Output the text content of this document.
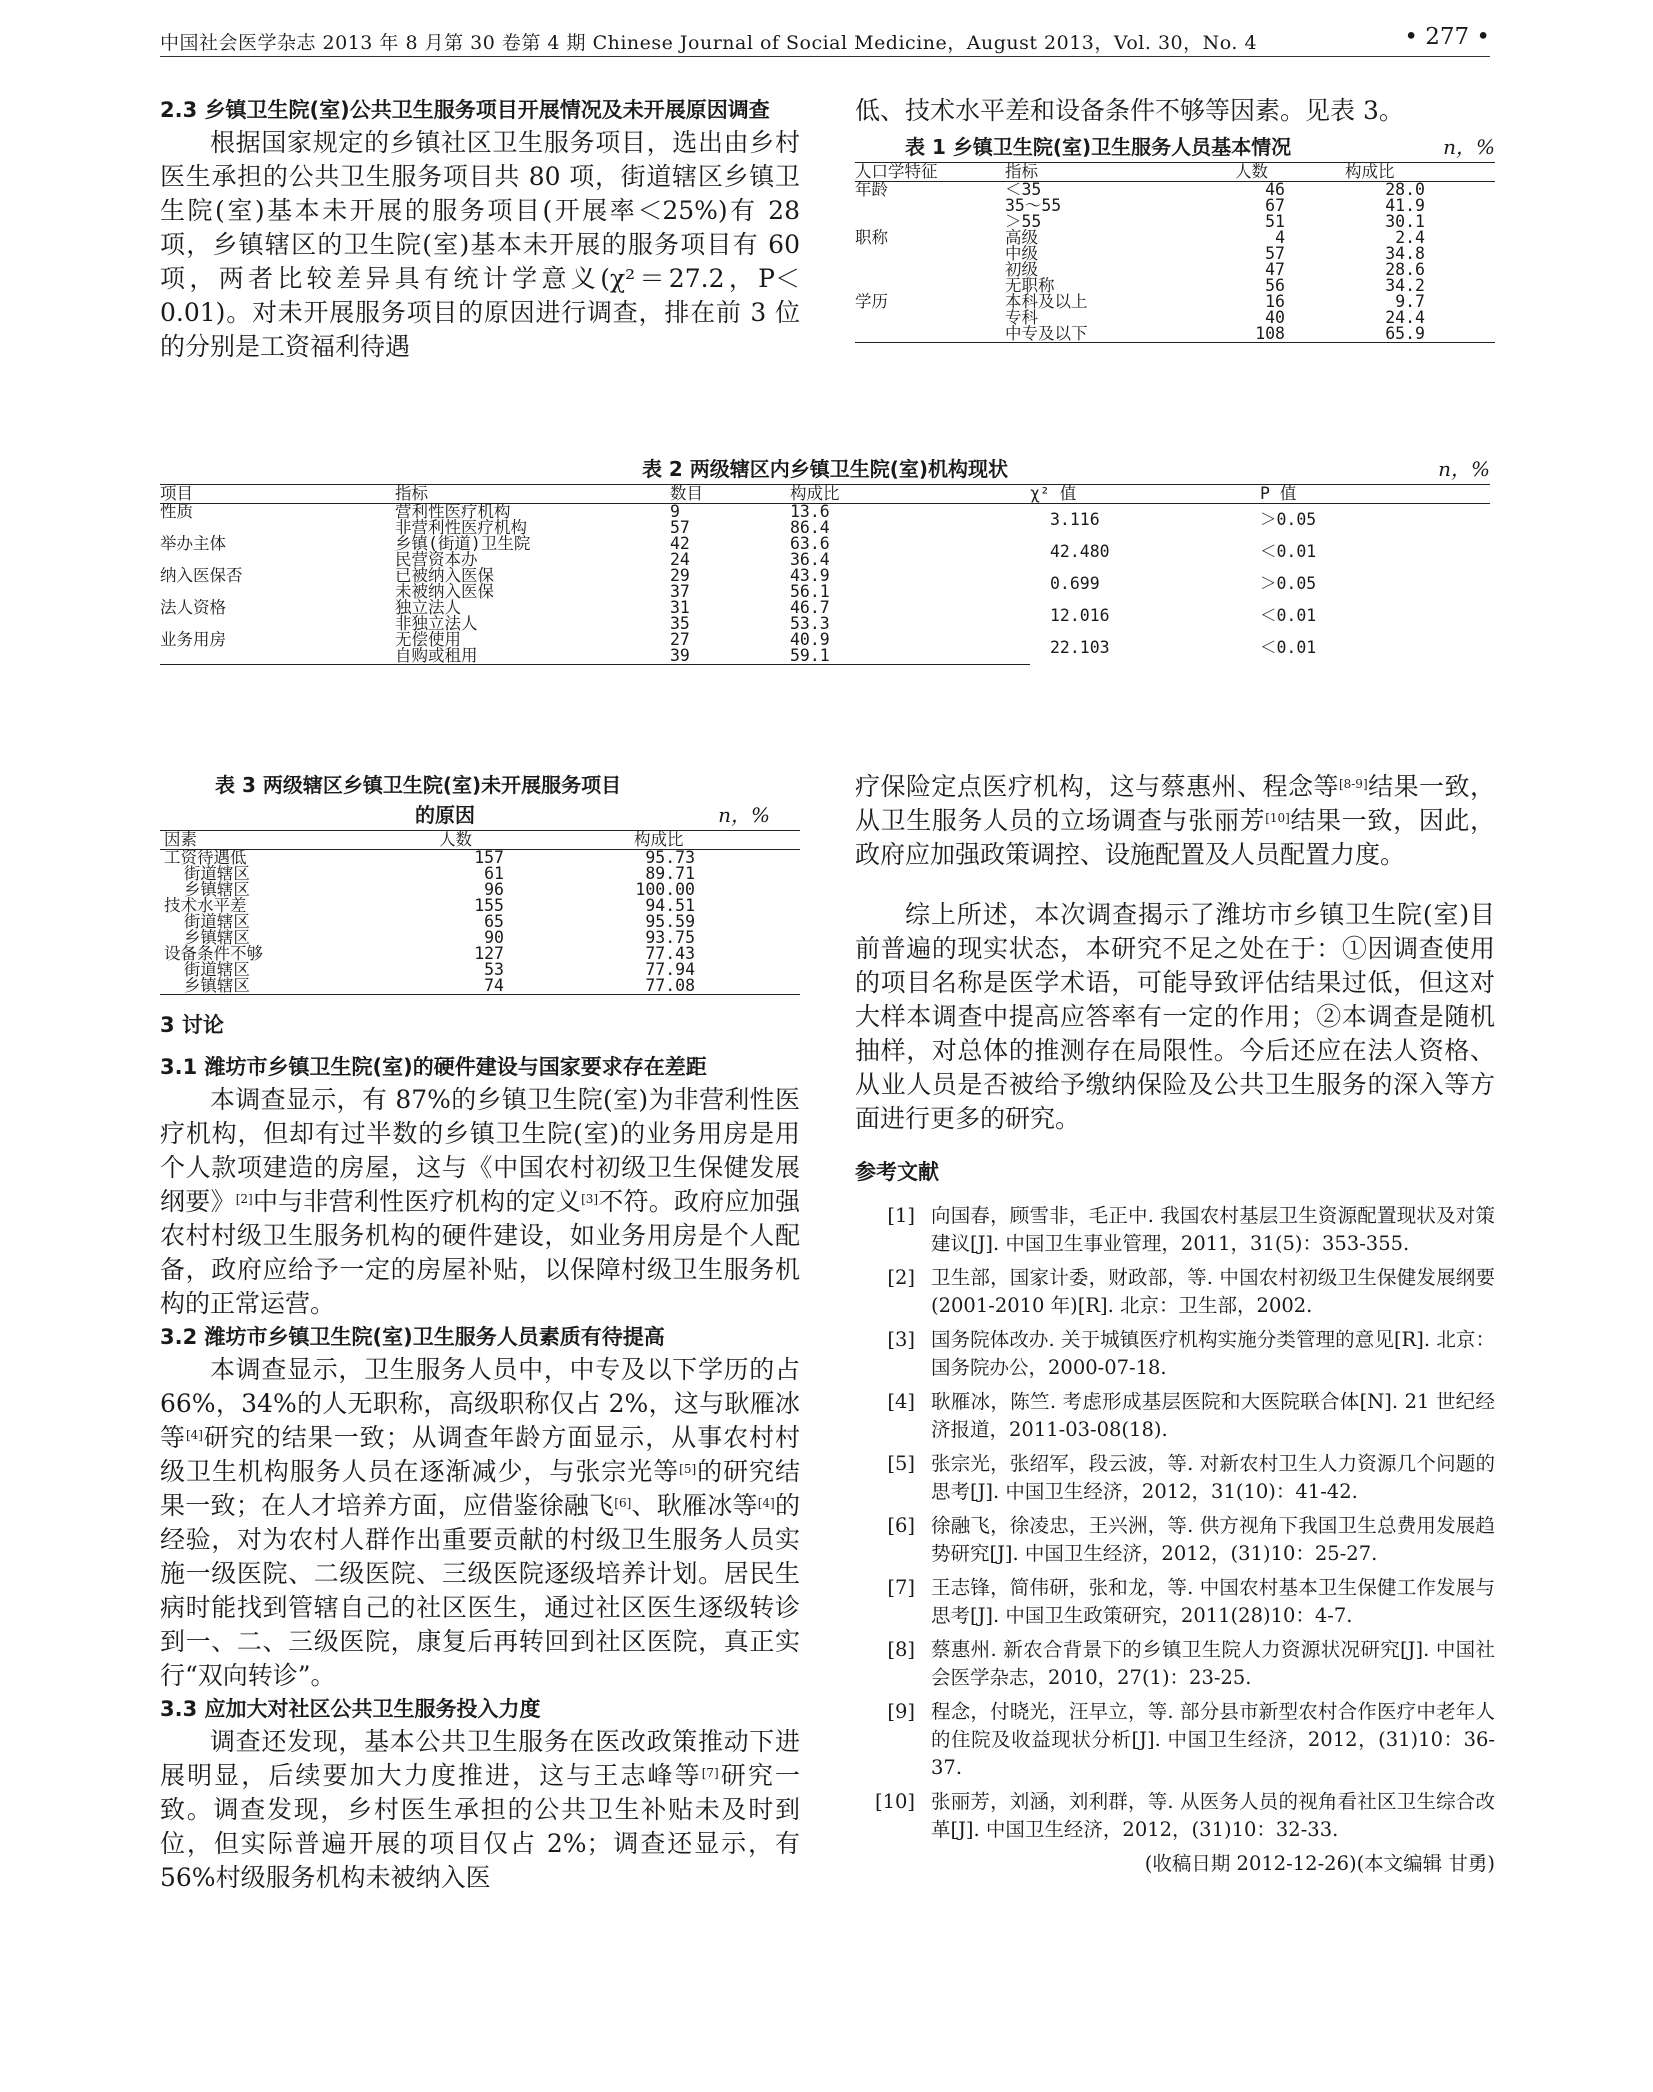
中国社会医学杂志 2013 年 8 月第 30 卷第 4 期 Chinese Journal of Social Medicine，August 2013，Vol. 30，No. 4	• 277 •

2.3 乡镇卫生院(室)公共卫生服务项目开展情况及未开展原因调查

根据国家规定的乡镇社区卫生服务项目，选出由乡村医生承担的公共卫生服务项目共 80 项，街道辖区乡镇卫生院(室)基本未开展的服务项目(开展率＜25%)有 28 项，乡镇辖区的卫生院(室)基本未开展的服务项目有 60 项，两者比较差异具有统计学意义(χ²＝27.2，P＜0.01)。对未开展服务项目的原因进行调查，排在前 3 位的分别是工资福利待遇

低、技术水平差和设备条件不够等因素。见表 3。

表 1 乡镇卫生院(室)卫生服务人员基本情况	n，%
人口学特征	指标	人数	构成比
年龄	＜35	46	28.0
	35～55	67	41.9
	＞55	51	30.1
职称	高级	4	2.4
	中级	57	34.8
	初级	47	28.6
	无职称	56	34.2
学历	本科及以上	16	9.7
	专科	40	24.4
	中专及以下	108	65.9
表 2 两级辖区内乡镇卫生院(室)机构现状	n，%
项目	指标	数目	构成比	χ² 值	P 值
性质	营利性医疗机构	9	13.6	3.116	＞0.05
	非营利性医疗机构	57	86.4		
举办主体	乡镇(街道)卫生院	42	63.6	42.480	＜0.01
	民营资本办	24	36.4		
纳入医保否	已被纳入医保	29	43.9	0.699	＞0.05
	未被纳入医保	37	56.1		
法人资格	独立法人	31	46.7	12.016	＜0.01
	非独立法人	35	53.3		
业务用房	无偿使用	27	40.9	22.103	＜0.01
	自购或租用	39	59.1		
表 3 两级辖区乡镇卫生院(室)未开展服务项目
的原因	n，%
因素	人数	构成比
工资待遇低	157	95.73
街道辖区	61	89.71
乡镇辖区	96	100.00
技术水平差	155	94.51
街道辖区	65	95.59
乡镇辖区	90	93.75
设备条件不够	127	77.43
街道辖区	53	77.94
乡镇辖区	74	77.08

3 讨论

3.1 潍坊市乡镇卫生院(室)的硬件建设与国家要求存在差距

本调查显示，有 87%的乡镇卫生院(室)为非营利性医疗机构，但却有过半数的乡镇卫生院(室)的业务用房是用个人款项建造的房屋，这与《中国农村初级卫生保健发展纲要》[2]中与非营利性医疗机构的定义[3]不符。政府应加强农村村级卫生服务机构的硬件建设，如业务用房是个人配备，政府应给予一定的房屋补贴，以保障村级卫生服务机构的正常运营。

3.2 潍坊市乡镇卫生院(室)卫生服务人员素质有待提高

本调查显示，卫生服务人员中，中专及以下学历的占 66%，34%的人无职称，高级职称仅占 2%，这与耿雁冰等[4]研究的结果一致；从调查年龄方面显示，从事农村村级卫生机构服务人员在逐渐减少，与张宗光等[5]的研究结果一致；在人才培养方面，应借鉴徐融飞[6]、耿雁冰等[4]的经验，对为农村人群作出重要贡献的村级卫生服务人员实施一级医院、二级医院、三级医院逐级培养计划。居民生病时能找到管辖自己的社区医生，通过社区医生逐级转诊到一、二、三级医院，康复后再转回到社区医院，真正实行“双向转诊”。

3.3 应加大对社区公共卫生服务投入力度

调查还发现，基本公共卫生服务在医改政策推动下进展明显，后续要加大力度推进，这与王志峰等[7]研究一致。调查发现，乡村医生承担的公共卫生补贴未及时到位，但实际普遍开展的项目仅占 2%；调查还显示，有 56%村级服务机构未被纳入医

疗保险定点医疗机构，这与蔡惠州、程念等[8-9]结果一致，从卫生服务人员的立场调查与张丽芳[10]结果一致，因此，政府应加强政策调控、设施配置及人员配置力度。

综上所述，本次调查揭示了潍坊市乡镇卫生院(室)目前普遍的现实状态，本研究不足之处在于：①因调查使用的项目名称是医学术语，可能导致评估结果过低，但这对大样本调查中提高应答率有一定的作用；②本调查是随机抽样，对总体的推测存在局限性。今后还应在法人资格、从业人员是否被给予缴纳保险及公共卫生服务的深入等方面进行更多的研究。

参考文献

[1] 向国春，顾雪非，毛正中. 我国农村基层卫生资源配置现状及对策建议[J]. 中国卫生事业管理，2011，31(5)：353-355.
[2] 卫生部，国家计委，财政部，等. 中国农村初级卫生保健发展纲要(2001-2010 年)[R]. 北京：卫生部，2002.
[3] 国务院体改办. 关于城镇医疗机构实施分类管理的意见[R]. 北京：国务院办公，2000-07-18.
[4] 耿雁冰，陈竺. 考虑形成基层医院和大医院联合体[N]. 21 世纪经济报道，2011-03-08(18).
[5] 张宗光，张绍军，段云波，等. 对新农村卫生人力资源几个问题的思考[J]. 中国卫生经济，2012，31(10)：41-42.
[6] 徐融飞，徐凌忠，王兴洲，等. 供方视角下我国卫生总费用发展趋势研究[J]. 中国卫生经济，2012，(31)10：25-27.
[7] 王志锋，简伟研，张和龙，等. 中国农村基本卫生保健工作发展与思考[J]. 中国卫生政策研究，2011(28)10：4-7.
[8] 蔡惠州. 新农合背景下的乡镇卫生院人力资源状况研究[J]. 中国社会医学杂志，2010，27(1)：23-25.
[9] 程念，付晓光，汪早立，等. 部分县市新型农村合作医疗中老年人的住院及收益现状分析[J]. 中国卫生经济，2012，(31)10：36-37.
[10] 张丽芳，刘涵，刘利群，等. 从医务人员的视角看社区卫生综合改革[J]. 中国卫生经济，2012，(31)10：32-33.
(收稿日期 2012-12-26)(本文编辑 甘勇)
